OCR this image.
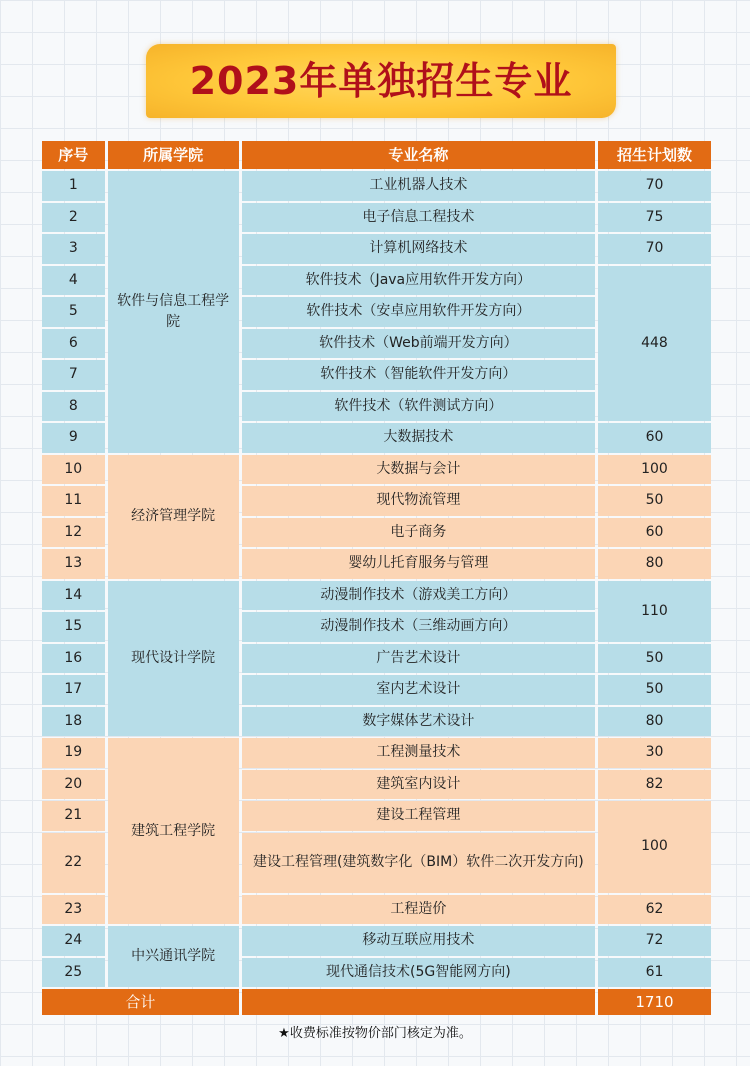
2023年单独招生专业
序号	所属学院	专业名称	招生计划数
1	软件与信息工程学院	工业机器人技术	70
2		电子信息工程技术	75
3		计算机网络技术	70
4		软件技术（Java应用软件开发方向）	448
5		软件技术（安卓应用软件开发方向）	
6		软件技术（Web前端开发方向）	
7		软件技术（智能软件开发方向）	
8		软件技术（软件测试方向）	
9		大数据技术	60
10	经济管理学院	大数据与会计	100
11		现代物流管理	50
12		电子商务	60
13		婴幼儿托育服务与管理	80
14	现代设计学院	动漫制作技术（游戏美工方向）	110
15		动漫制作技术（三维动画方向）	
16		广告艺术设计	50
17		室内艺术设计	50
18		数字媒体艺术设计	80
19	建筑工程学院	工程测量技术	30
20		建筑室内设计	82
21		建设工程管理	100
22		建设工程管理(建筑数字化（BIM）软件二次开发方向)	
23		工程造价	62
24	中兴通讯学院	移动互联应用技术	72
25		现代通信技术(5G智能网方向)	61
合计			1710
★收费标准按物价部门核定为准。
